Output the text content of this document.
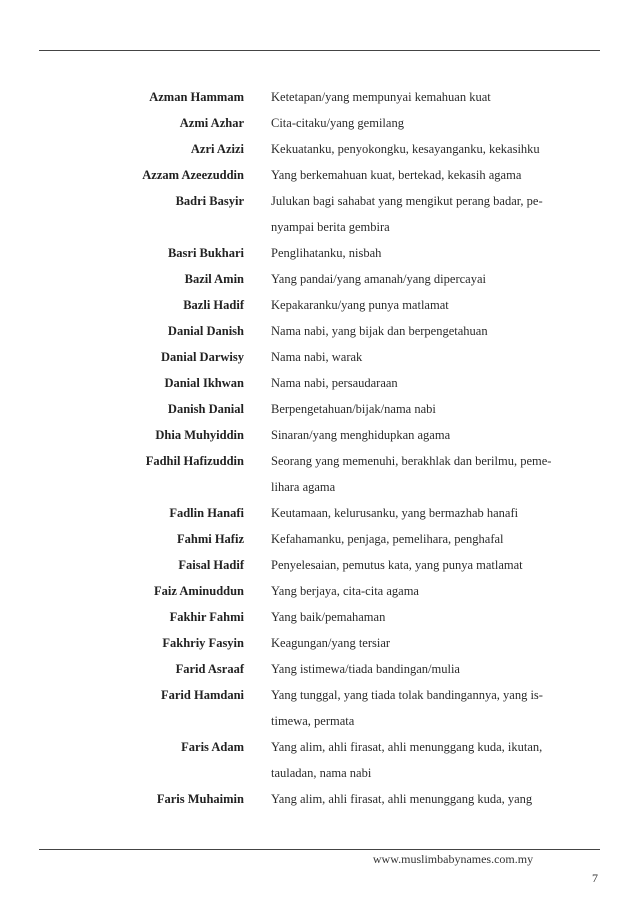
Azman Hammam Ketetapan/yang mempunyai kemahuan kuat
Azmi Azhar Cita-citaku/yang gemilang
Azri Azizi Kekuatanku, penyokongku, kesayanganku, kekasihku
Azzam Azeezuddin Yang berkemahuan kuat, bertekad, kekasih agama
Badri Basyir Julukan bagi sahabat yang mengikut perang badar, pe-
nyampai berita gembira
Basri Bukhari Penglihatanku, nisbah
Bazil Amin Yang pandai/yang amanah/yang dipercayai
Bazli Hadif Kepakaranku/yang punya matlamat
Danial Danish Nama nabi, yang bijak dan berpengetahuan
Danial Darwisy Nama nabi, warak
Danial Ikhwan Nama nabi, persaudaraan
Danish Danial Berpengetahuan/bijak/nama nabi
Dhia Muhyiddin Sinaran/yang menghidupkan agama
Fadhil Hafizuddin Seorang yang memenuhi, berakhlak dan berilmu, peme-
lihara agama
Fadlin Hanafi Keutamaan, kelurusanku, yang bermazhab hanafi
Fahmi Hafiz Kefahamanku, penjaga, pemelihara, penghafal
Faisal Hadif Penyelesaian, pemutus kata, yang punya matlamat
Faiz Aminuddun Yang berjaya, cita-cita agama
Fakhir Fahmi Yang baik/pemahaman
Fakhriy Fasyin Keagungan/yang tersiar
Farid Asraaf Yang istimewa/tiada bandingan/mulia
Farid Hamdani Yang tunggal, yang tiada tolak bandingannya, yang is-
timewa, permata
Faris Adam Yang alim, ahli firasat, ahli menunggang kuda, ikutan,
tauladan, nama nabi
Faris Muhaimin Yang alim, ahli firasat, ahli menunggang kuda, yang
www.muslimbabynames.com.my
7
